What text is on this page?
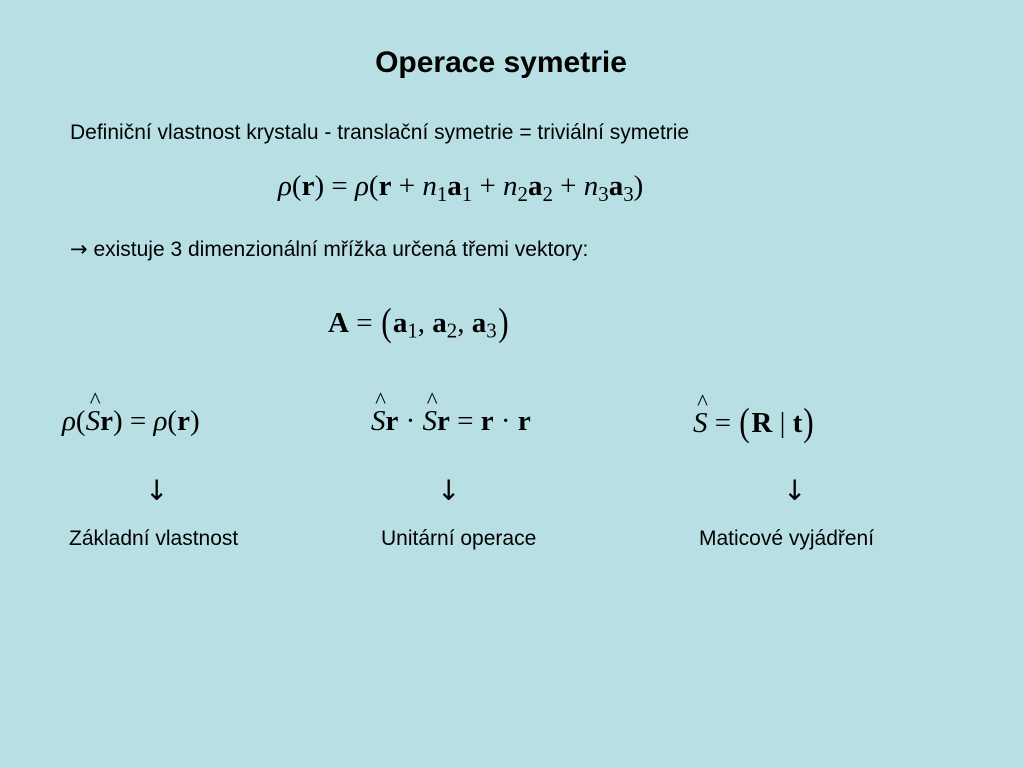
Operace symetrie
Definiční vlastnost krystalu - translační symetrie = triviální symetrie
$\rho(r) = \rho(r + n_1a_1 + n_2a_2 + n_3a_3)$
→ existuje 3 dimenzionální mřížka určená třemi vektory:
$A = (a_1$, $a_2$, $a_3$)
ρ(^ Sr) = ρ(r)	^ Sr · ^ Sr = r · r	^ S = (R | t)
↓	↓	↓
Základní vlastnost	Unitární operace	Maticové vyjádření
